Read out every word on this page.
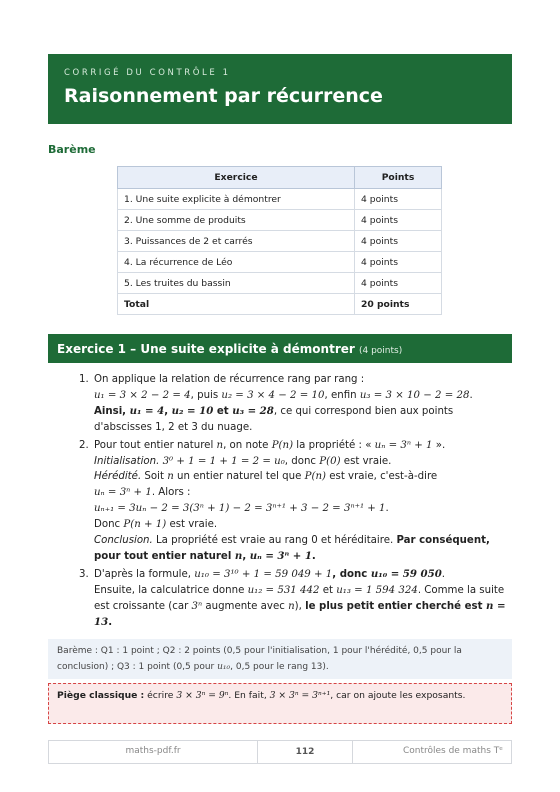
CORRIGÉ DU CONTRÔLE 1
Raisonnement par récurrence
Barème
Exercice	Points
1. Une suite explicite à démontrer	4 points
2. Une somme de produits	4 points
3. Puissances de 2 et carrés	4 points
4. La récurrence de Léo	4 points
5. Les truites du bassin	4 points
Total	20 points
Exercice 1 – Une suite explicite à démontrer (4 points)
1. On applique la relation de récurrence rang par rang :
u₁ = 3 × 2 − 2 = 4, puis u₂ = 3 × 4 − 2 = 10, enfin u₃ = 3 × 10 − 2 = 28.
Ainsi, u₁ = 4, u₂ = 10 et u₃ = 28, ce qui correspond bien aux points d'abscisses 1, 2 et 3 du nuage.
2. Pour tout entier naturel n, on note P(n) la propriété : « uₙ = 3ⁿ + 1 ».
Initialisation. 3⁰ + 1 = 1 + 1 = 2 = u₀, donc P(0) est vraie.
Hérédité. Soit n un entier naturel tel que P(n) est vraie, c'est-à-dire
uₙ = 3ⁿ + 1. Alors :
uₙ₊₁ = 3uₙ − 2 = 3(3ⁿ + 1) − 2 = 3ⁿ⁺¹ + 3 − 2 = 3ⁿ⁺¹ + 1.
Donc P(n + 1) est vraie.
Conclusion. La propriété est vraie au rang 0 et héréditaire. Par conséquent, pour tout entier naturel n, uₙ = 3ⁿ + 1.
3. D'après la formule, u₁₀ = 3¹⁰ + 1 = 59 049 + 1, donc u₁₀ = 59 050.
Ensuite, la calculatrice donne u₁₂ = 531 442 et u₁₃ = 1 594 324. Comme la suite est croissante (car 3ⁿ augmente avec n), le plus petit entier cherché est n = 13.
Barème : Q1 : 1 point ; Q2 : 2 points (0,5 pour l'initialisation, 1 pour l'hérédité, 0,5 pour la conclusion) ; Q3 : 1 point (0,5 pour u₁₀, 0,5 pour le rang 13).
Piège classique : écrire 3 × 3ⁿ = 9ⁿ. En fait, 3 × 3ⁿ = 3ⁿ⁺¹, car on ajoute les exposants.
maths-pdf.fr	112	Contrôles de maths Tᵉ
